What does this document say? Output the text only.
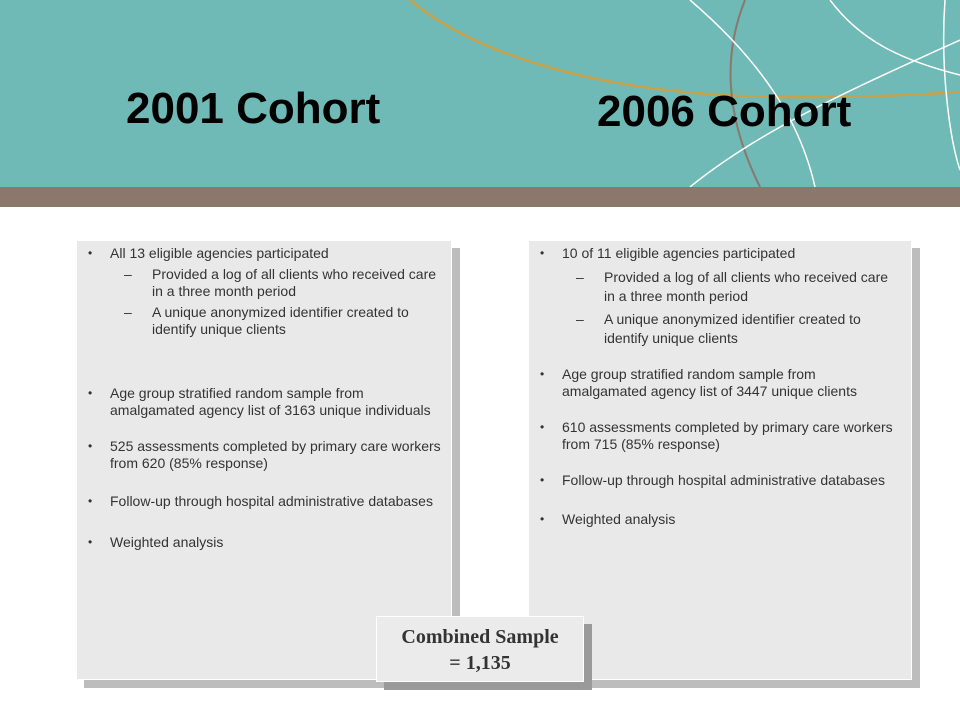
2001 Cohort	2006 Cohort
• All 13 eligible agencies participated
– Provided a log of all clients who received care in a three month period
– A unique anonymized identifier created to identify unique clients
• Age group stratified random sample from amalgamated agency list of 3163 unique individuals
• 525 assessments completed by primary care workers from 620 (85% response)
• Follow-up through hospital administrative databases
• Weighted analysis
• 10 of 11 eligible agencies participated
– Provided a log of all clients who received care in a three month period
– A unique anonymized identifier created to identify unique clients
• Age group stratified random sample from amalgamated agency list of 3447 unique clients
• 610 assessments completed by primary care workers from 715 (85% response)
• Follow-up through hospital administrative databases
• Weighted analysis
Combined Sample
= 1,135
